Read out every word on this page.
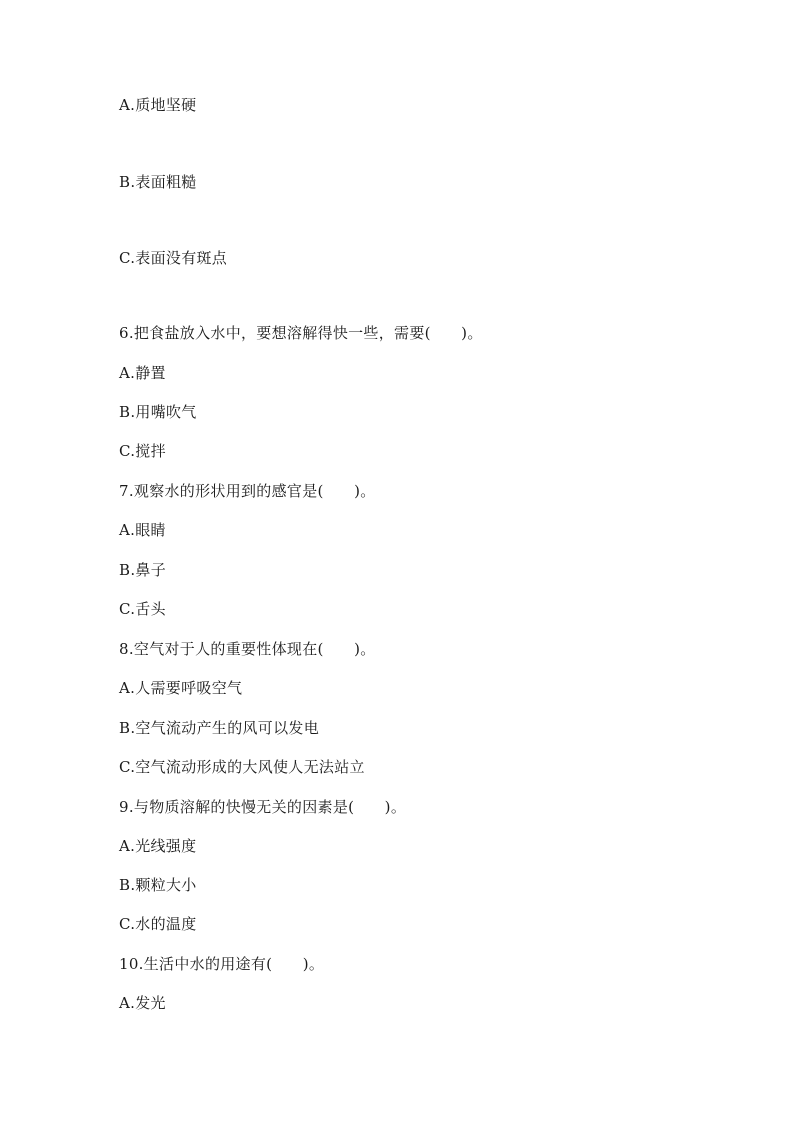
A.质地坚硬
B.表面粗糙
C.表面没有斑点
6.把食盐放入水中，要想溶解得快一些，需要(      )。
A.静置
B.用嘴吹气
C.搅拌
7.观察水的形状用到的感官是(      )。
A.眼睛
B.鼻子
C.舌头
8.空气对于人的重要性体现在(      )。
A.人需要呼吸空气
B.空气流动产生的风可以发电
C.空气流动形成的大风使人无法站立
9.与物质溶解的快慢无关的因素是(      )。
A.光线强度
B.颗粒大小
C.水的温度
10.生活中水的用途有(      )。
A.发光
